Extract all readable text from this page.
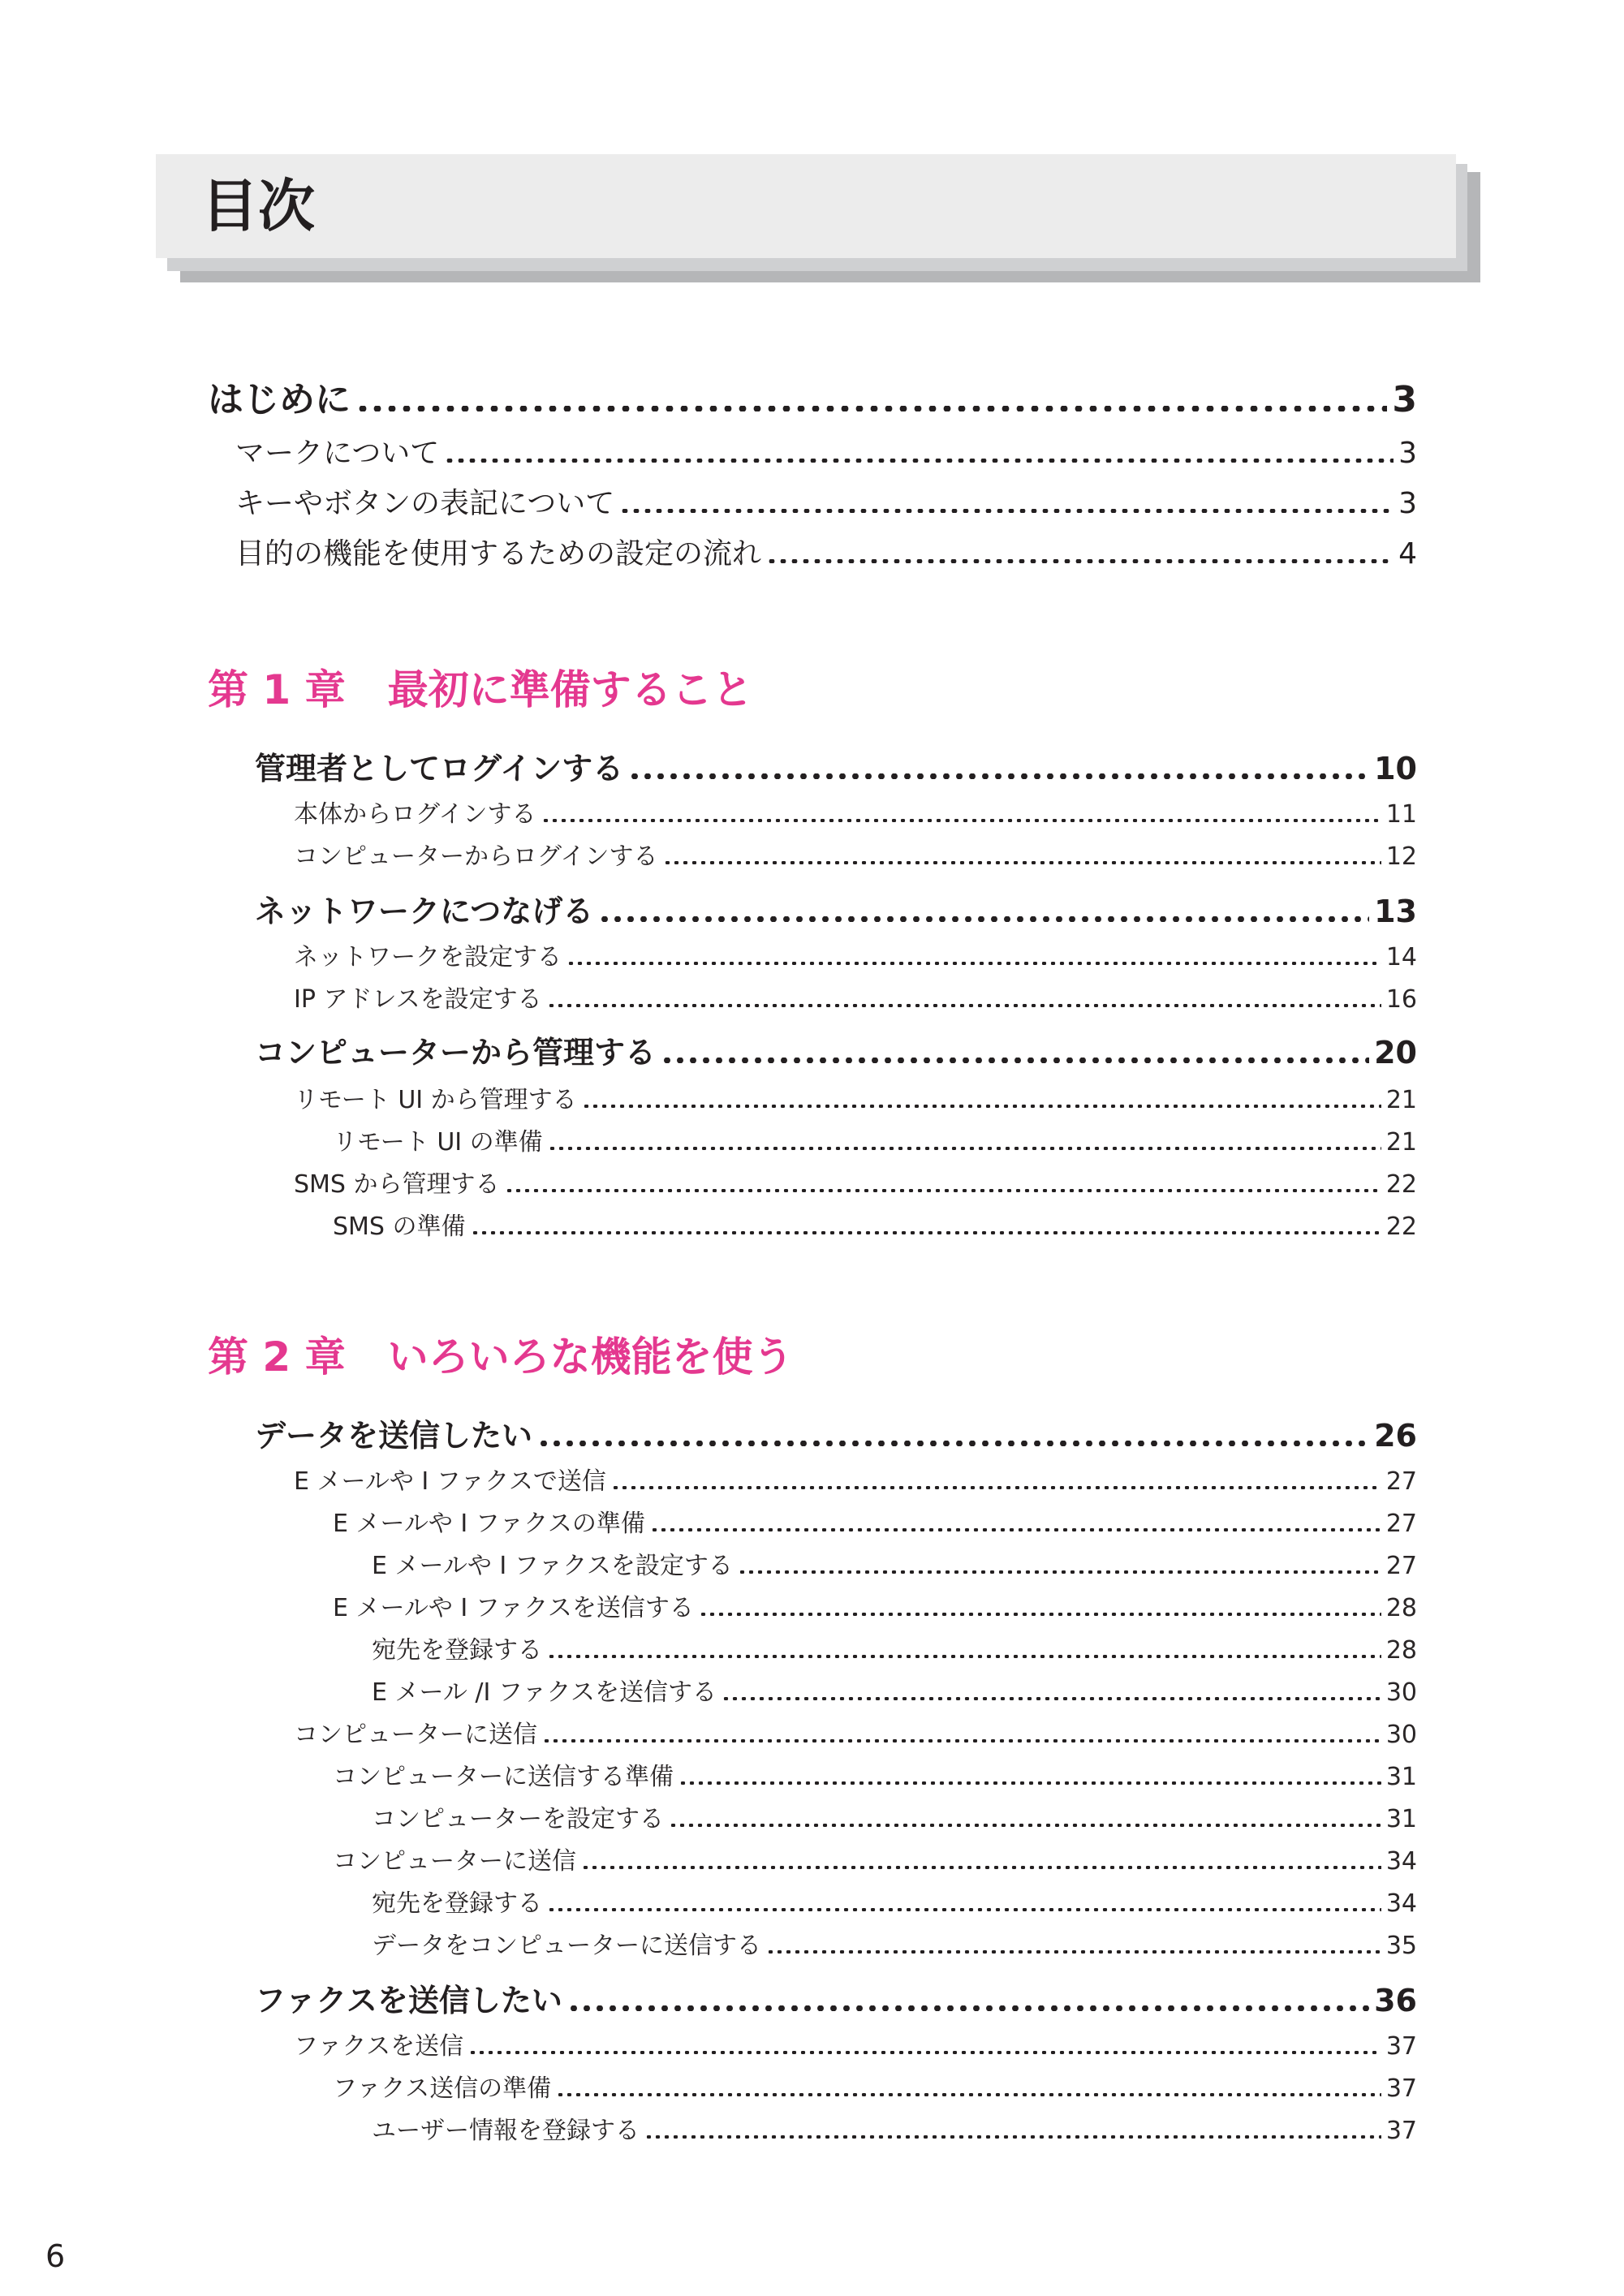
目次
はじめに	3
マークについて	3
キーやボタンの表記について	3
目的の機能を使用するための設定の流れ	4
第 1 章 最初に準備すること
管理者としてログインする	10
本体からログインする	11
コンピューターからログインする	12
ネットワークにつなげる	13
ネットワークを設定する	14
IP アドレスを設定する	16
コンピューターから管理する	20
リモート UI から管理する	21
リモート UI の準備	21
SMS から管理する	22
SMS の準備	22
第 2 章 いろいろな機能を使う
データを送信したい	26
E メールや I ファクスで送信	27
E メールや I ファクスの準備	27
E メールや I ファクスを設定する	27
E メールや I ファクスを送信する	28
宛先を登録する	28
E メール /I ファクスを送信する	30
コンピューターに送信	30
コンピューターに送信する準備	31
コンピューターを設定する	31
コンピューターに送信	34
宛先を登録する	34
データをコンピューターに送信する	35
ファクスを送信したい	36
ファクスを送信	37
ファクス送信の準備	37
ユーザー情報を登録する	37
6
